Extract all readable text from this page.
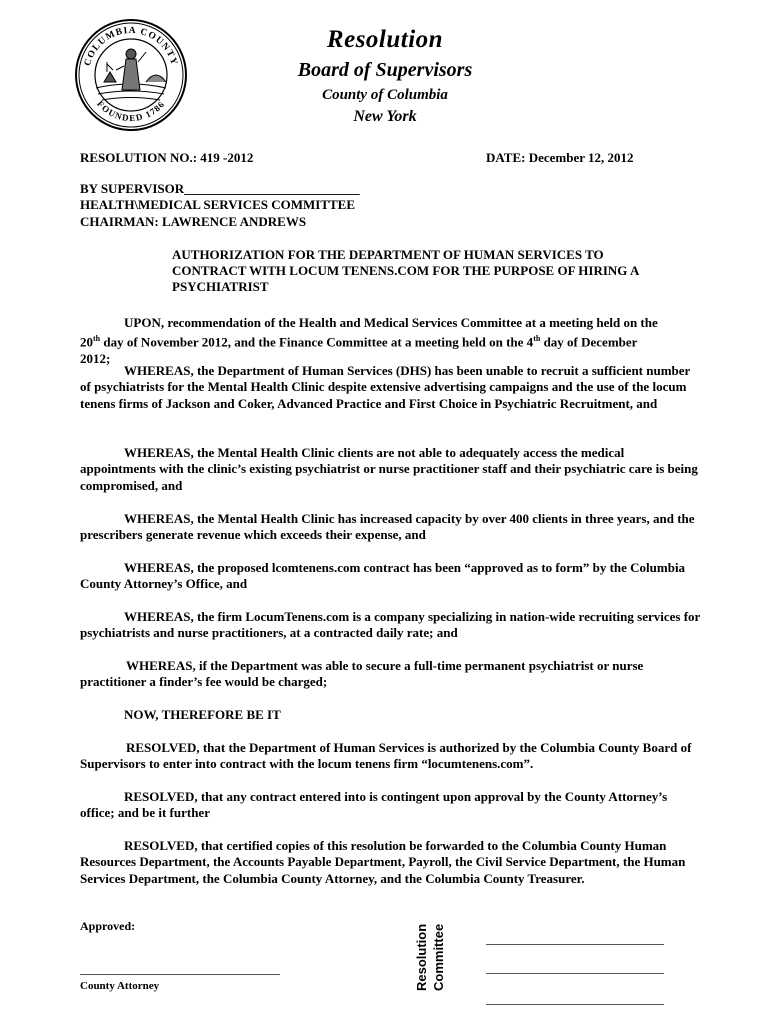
COLUMBIA COUNTY
FOUNDED 1786
Resolution
Board of Supervisors
County of Columbia
New York
RESOLUTION NO.: 419 -2012	DATE: December 12, 2012
BY SUPERVISOR___________________________
HEALTH\MEDICAL SERVICES COMMITTEE
CHAIRMAN: LAWRENCE ANDREWS
AUTHORIZATION FOR THE DEPARTMENT OF HUMAN SERVICES TO
CONTRACT WITH LOCUM TENENS.COM FOR THE PURPOSE OF HIRING A
PSYCHIATRIST
UPON, recommendation of the Health and Medical Services Committee at a meeting held on the
20th day of November 2012, and the Finance Committee at a meeting held on the 4th day of December
2012;
WHEREAS, the Department of Human Services (DHS) has been unable to recruit a sufficient number of psychiatrists for the Mental Health Clinic despite extensive advertising campaigns and the use of the locum tenens firms of Jackson and Coker, Advanced Practice and First Choice in Psychiatric Recruitment, and
WHEREAS, the Mental Health Clinic clients are not able to adequately access the medical appointments with the clinic’s existing psychiatrist or nurse practitioner staff and their psychiatric care is being compromised, and
WHEREAS, the Mental Health Clinic has increased capacity by over 400 clients in three years, and the prescribers generate revenue which exceeds their expense, and
WHEREAS, the proposed lcomtenens.com contract has been “approved as to form” by the Columbia County Attorney’s Office, and
WHEREAS, the firm LocumTenens.com is a company specializing in nation-wide recruiting services for psychiatrists and nurse practitioners, at a contracted daily rate; and
WHEREAS, if the Department was able to secure a full-time permanent psychiatrist or nurse practitioner a finder’s fee would be charged;
NOW, THEREFORE BE IT
RESOLVED, that the Department of Human Services is authorized by the Columbia County Board of Supervisors to enter into contract with the locum tenens firm “locumtenens.com”.
RESOLVED, that any contract entered into is contingent upon approval by the County Attorney’s office; and be it further
RESOLVED, that certified copies of this resolution be forwarded to the Columbia County Human Resources Department, the Accounts Payable Department, Payroll, the Civil Service Department, the Human Services Department, the Columbia County Attorney, and the Columbia County Treasurer.
Approved:
County Attorney	Resolution Committee
